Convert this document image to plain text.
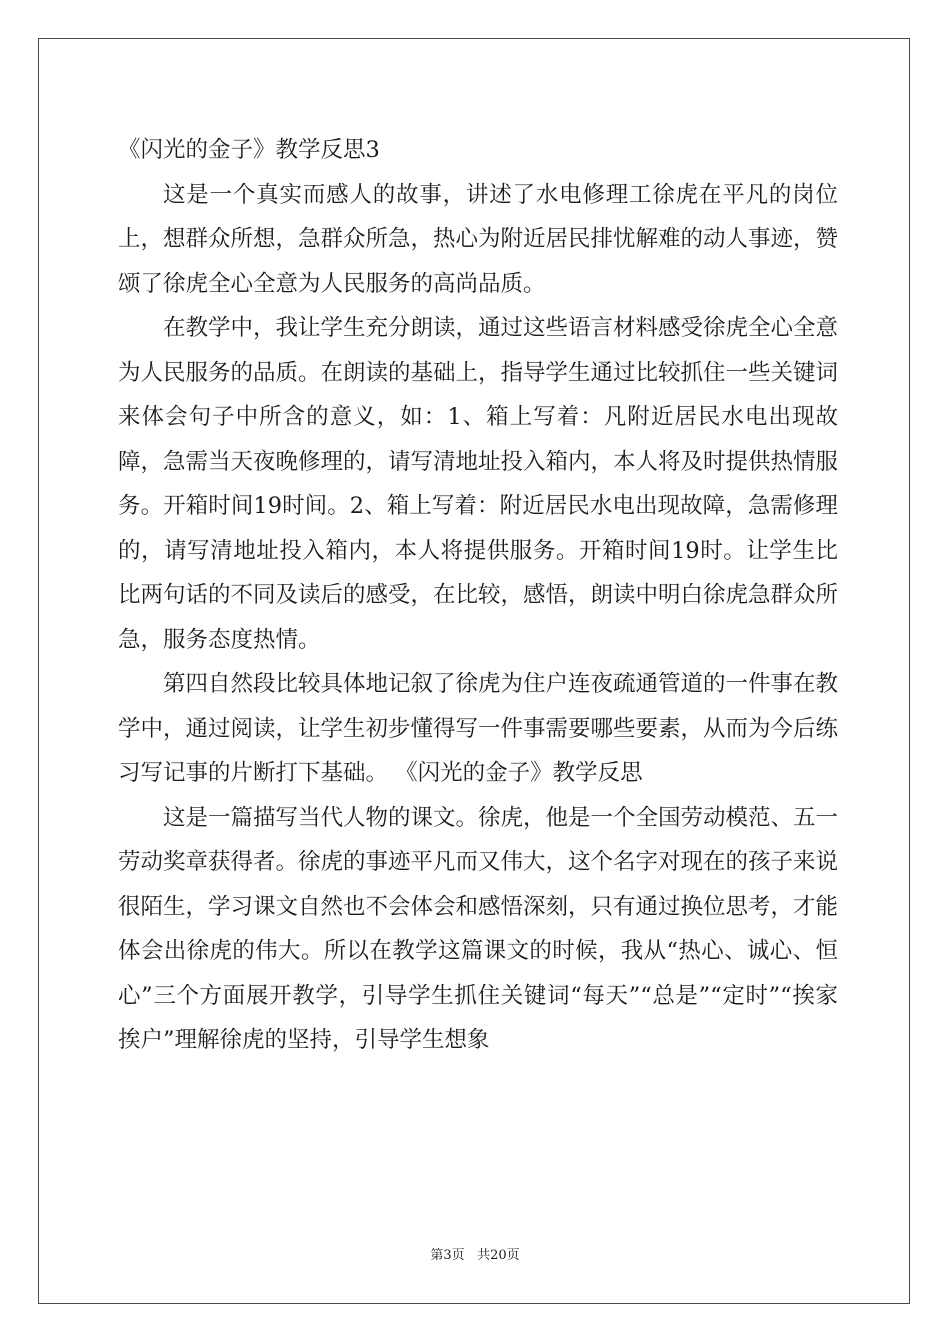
《闪光的金子》教学反思3

这是一个真实而感人的故事，讲述了水电修理工徐虎在平凡的岗位上，想群众所想，急群众所急，热心为附近居民排忧解难的动人事迹，赞颂了徐虎全心全意为人民服务的高尚品质。

在教学中，我让学生充分朗读，通过这些语言材料感受徐虎全心全意为人民服务的品质。在朗读的基础上，指导学生通过比较抓住一些关键词来体会句子中所含的意义，如：1、箱上写着：凡附近居民水电出现故障，急需当天夜晚修理的，请写清地址投入箱内，本人将及时提供热情服务。开箱时间19时间。2、箱上写着：附近居民水电出现故障，急需修理的，请写清地址投入箱内，本人将提供服务。开箱时间19时。让学生比比两句话的不同及读后的感受，在比较，感悟，朗读中明白徐虎急群众所急，服务态度热情。

第四自然段比较具体地记叙了徐虎为住户连夜疏通管道的一件事在教学中，通过阅读，让学生初步懂得写一件事需要哪些要素，从而为今后练习写记事的片断打下基础。 《闪光的金子》教学反思

这是一篇描写当代人物的课文。徐虎，他是一个全国劳动模范、五一劳动奖章获得者。徐虎的事迹平凡而又伟大，这个名字对现在的孩子来说很陌生，学习课文自然也不会体会和感悟深刻，只有通过换位思考，才能体会出徐虎的伟大。所以在教学这篇课文的时候，我从“热心、诚心、恒心”三个方面展开教学，引导学生抓住关键词“每天”“总是”“定时”“挨家挨户”理解徐虎的坚持，引导学生想象

第3页 共20页
